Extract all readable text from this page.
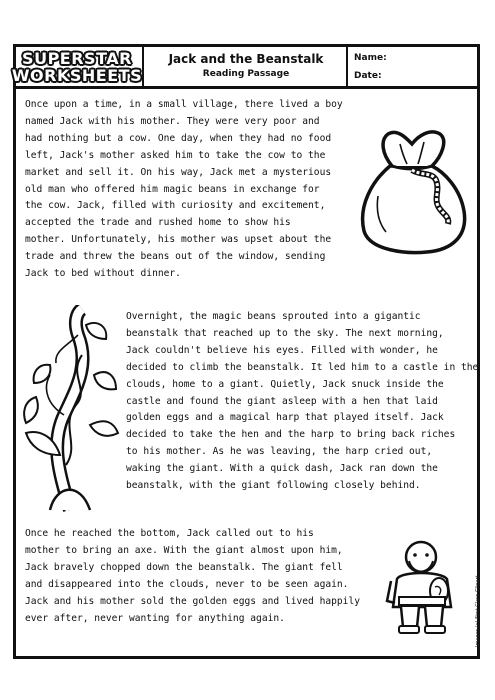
SUPERSTAR
WORKSHEETS
Jack and the Beanstalk
Reading Passage
Name:
Date:
Once upon a time, in a small village, there lived a boy
named Jack with his mother. They were very poor and
had nothing but a cow. One day, when they had no food
left, Jack's mother asked him to take the cow to the
market and sell it. On his way, Jack met a mysterious
old man who offered him magic beans in exchange for
the cow. Jack, filled with curiosity and excitement,
accepted the trade and rushed home to show his
mother. Unfortunately, his mother was upset about the
trade and threw the beans out of the window, sending
Jack to bed without dinner.
Overnight, the magic beans sprouted into a gigantic
beanstalk that reached up to the sky. The next morning,
Jack couldn't believe his eyes. Filled with wonder, he
decided to climb the beanstalk. It led him to a castle in the
clouds, home to a giant. Quietly, Jack snuck inside the
castle and found the giant asleep with a hen that laid
golden eggs and a magical harp that played itself. Jack
decided to take the hen and the harp to bring back riches
to his mother. As he was leaving, the harp cried out,
waking the giant. With a quick dash, Jack ran down the
beanstalk, with the giant following closely behind.
Once he reached the bottom, Jack called out to his
mother to bring an axe. With the giant almost upon him,
Jack bravely chopped down the beanstalk. The giant fell
and disappeared into the clouds, never to be seen again.
Jack and his mother sold the golden eggs and lived happily
ever after, never wanting for anything again.	Images (c) First Class Clipart
